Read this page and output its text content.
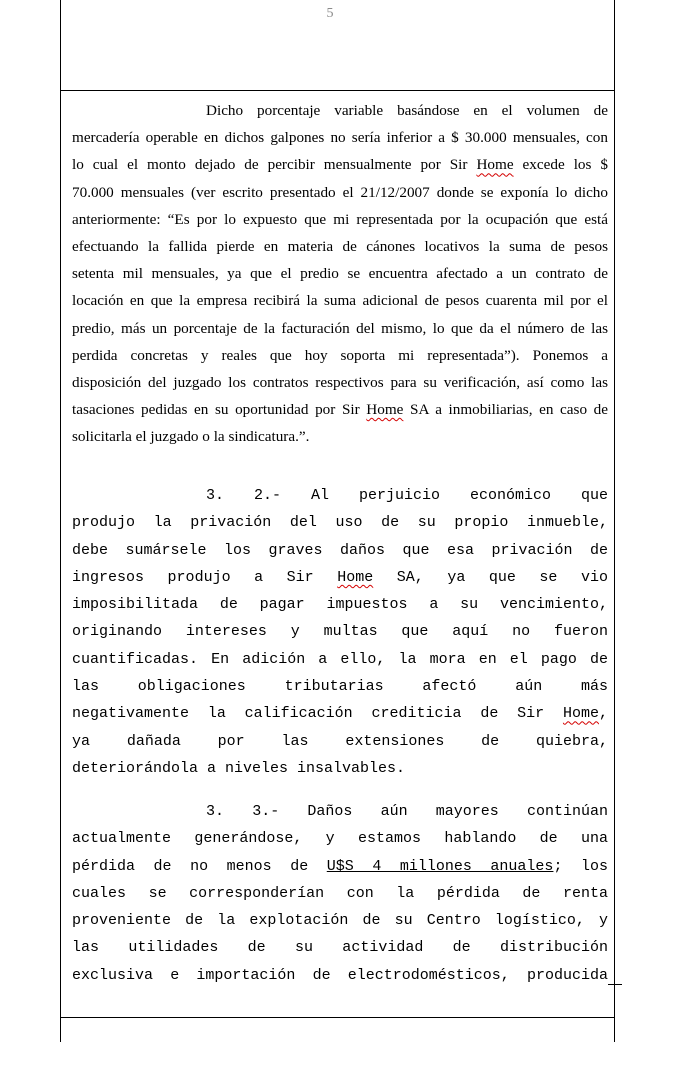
5
Dicho porcentaje variable basándose en el volumen de
mercadería operable en dichos galpones no sería inferior a $ 30.000 mensuales, con
lo cual el monto dejado de percibir mensualmente por Sir Home excede los $
70.000 mensuales (ver escrito presentado el 21/12/2007 donde se exponía lo dicho
anteriormente: “Es por lo expuesto que mi representada por la ocupación que está
efectuando la fallida pierde en materia de cánones locativos la suma de pesos
setenta mil mensuales, ya que el predio se encuentra afectado a un contrato de
locación en que la empresa recibirá la suma adicional de pesos cuarenta mil por el
predio, más un porcentaje de la facturación del mismo, lo que da el número de las
perdida concretas y reales que hoy soporta mi representada”). Ponemos a
disposición del juzgado los contratos respectivos para su verificación, así como las
tasaciones pedidas en su oportunidad por Sir Home SA a inmobiliarias, en caso de
solicitarla el juzgado o la sindicatura.”.
3. 2.- Al perjuicio económico que
produjo la privación del uso de su propio inmueble,
debe sumársele los graves daños que esa privación de
ingresos produjo a Sir Home SA, ya que se vio
imposibilitada de pagar impuestos a su vencimiento,
originando intereses y multas que aquí no fueron
cuantificadas. En adición a ello, la mora en el pago de
las obligaciones tributarias afectó aún más
negativamente la calificación crediticia de Sir Home,
ya dañada por las extensiones de quiebra,
deteriorándola a niveles insalvables.
3. 3.- Daños aún mayores continúan
actualmente generándose, y estamos hablando de una
pérdida de no menos de U$S 4 millones anuales; los
cuales se corresponderían con la pérdida de renta
proveniente de la explotación de su Centro logístico, y
las utilidades de su actividad de distribución
exclusiva e importación de electrodomésticos, producida
